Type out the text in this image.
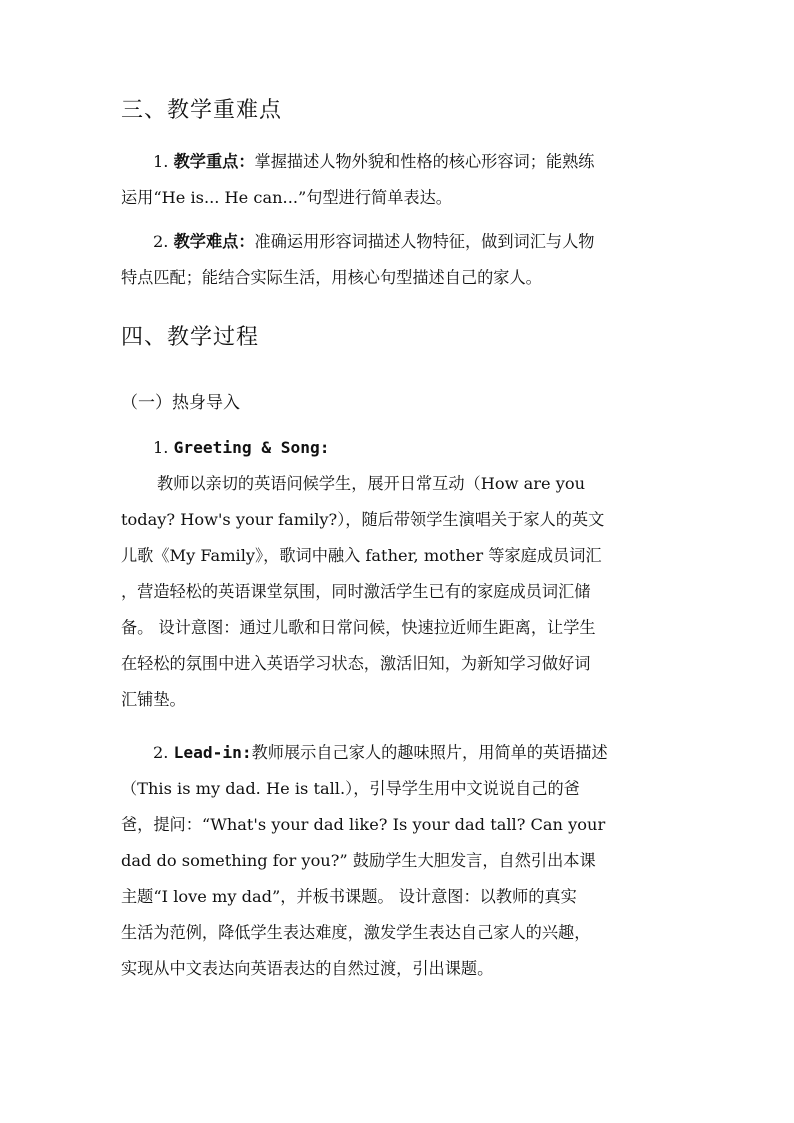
三、教学重难点
1. 教学重点：掌握描述人物外貌和性格的核心形容词；能熟练
运用“He is... He can...”句型进行简单表达。
2. 教学难点：准确运用形容词描述人物特征，做到词汇与人物
特点匹配；能结合实际生活，用核心句型描述自己的家人。
四、教学过程
（一）热身导入
1. Greeting & Song:
教师以亲切的英语问候学生，展开日常互动（How are you
today? How's your family?），随后带领学生演唱关于家人的英文
儿歌《My Family》，歌词中融入 father, mother 等家庭成员词汇
，营造轻松的英语课堂氛围，同时激活学生已有的家庭成员词汇储
备。 设计意图：通过儿歌和日常问候，快速拉近师生距离，让学生
在轻松的氛围中进入英语学习状态，激活旧知，为新知学习做好词
汇铺垫。
2. Lead-in:教师展示自己家人的趣味照片，用简单的英语描述
（This is my dad. He is tall.），引导学生用中文说说自己的爸
爸，提问：“What's your dad like? Is your dad tall? Can your
dad do something for you?” 鼓励学生大胆发言，自然引出本课
主题“I love my dad”，并板书课题。 设计意图：以教师的真实
生活为范例，降低学生表达难度，激发学生表达自己家人的兴趣，
实现从中文表达向英语表达的自然过渡，引出课题。
